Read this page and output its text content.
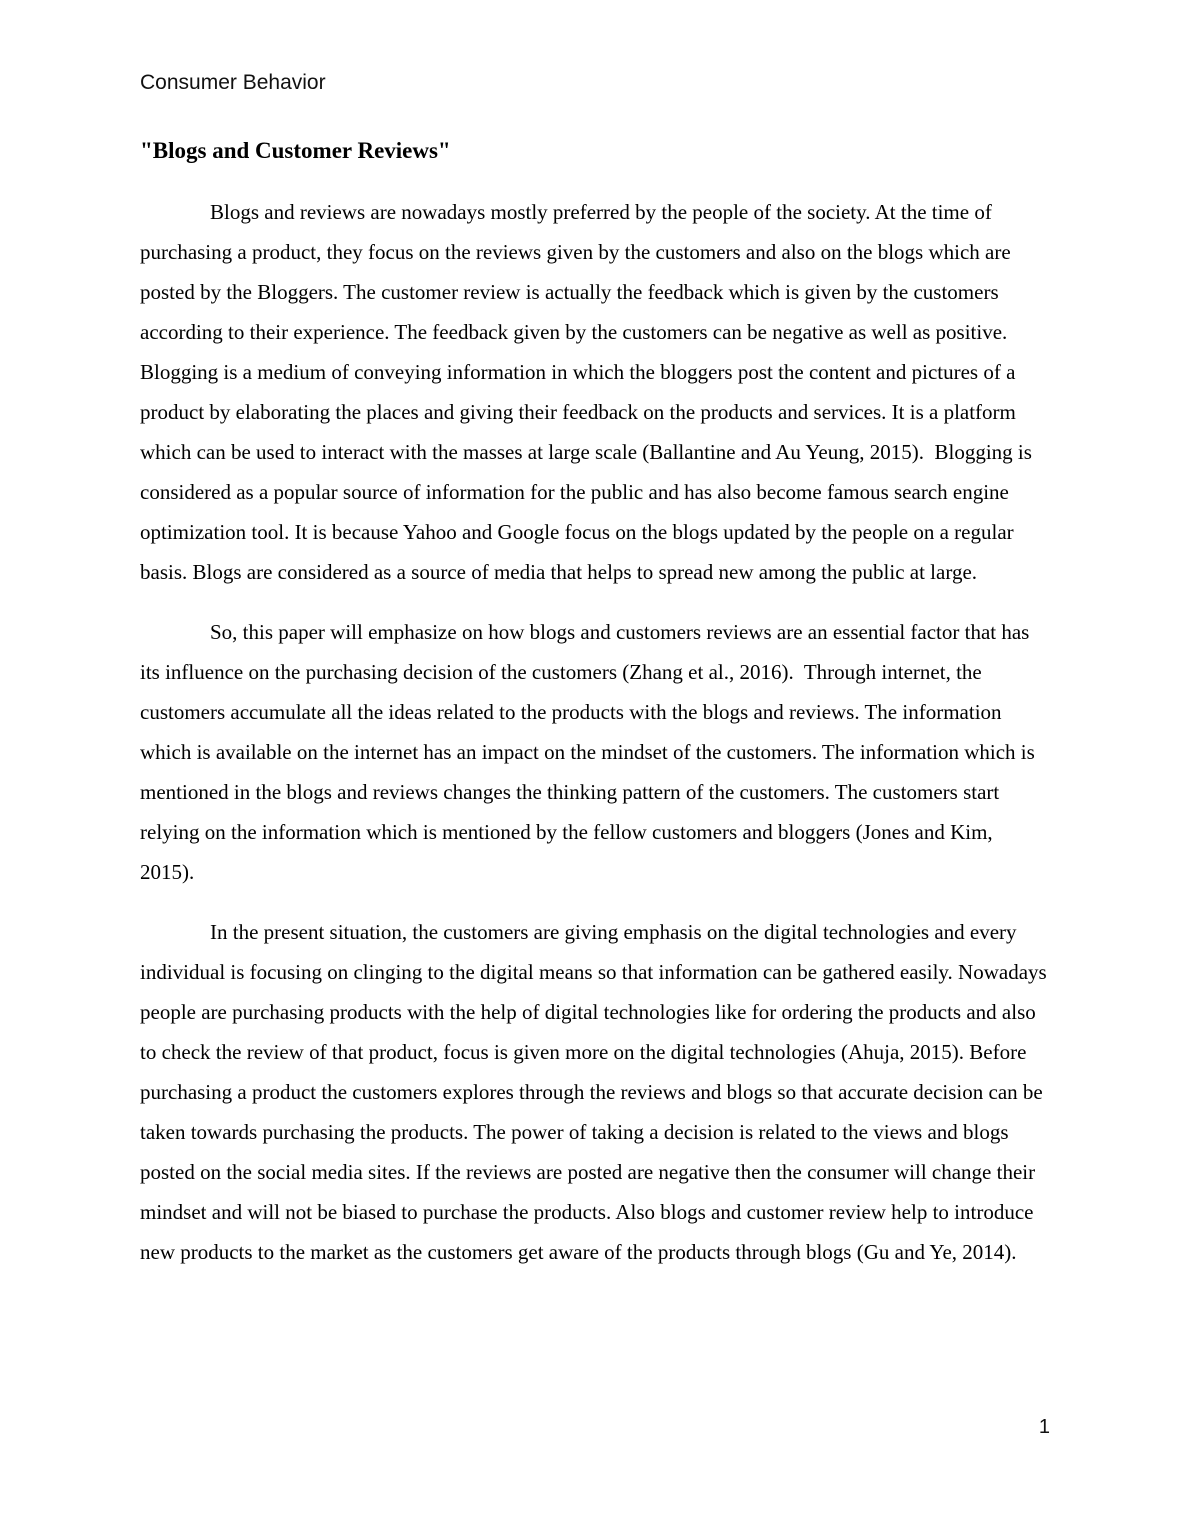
Consumer Behavior
"Blogs and Customer Reviews"

Blogs and reviews are nowadays mostly preferred by the people of the society. At the time of purchasing a product, they focus on the reviews given by the customers and also on the blogs which are posted by the Bloggers. The customer review is actually the feedback which is given by the customers according to their experience. The feedback given by the customers can be negative as well as positive. Blogging is a medium of conveying information in which the bloggers post the content and pictures of a product by elaborating the places and giving their feedback on the products and services. It is a platform which can be used to interact with the masses at large scale (Ballantine and Au Yeung, 2015).  Blogging is considered as a popular source of information for the public and has also become famous search engine optimization tool. It is because Yahoo and Google focus on the blogs updated by the people on a regular basis. Blogs are considered as a source of media that helps to spread new among the public at large.

So, this paper will emphasize on how blogs and customers reviews are an essential factor that has its influence on the purchasing decision of the customers (Zhang et al., 2016).  Through internet, the customers accumulate all the ideas related to the products with the blogs and reviews. The information which is available on the internet has an impact on the mindset of the customers. The information which is mentioned in the blogs and reviews changes the thinking pattern of the customers. The customers start relying on the information which is mentioned by the fellow customers and bloggers (Jones and Kim, 2015).

In the present situation, the customers are giving emphasis on the digital technologies and every individual is focusing on clinging to the digital means so that information can be gathered easily. Nowadays people are purchasing products with the help of digital technologies like for ordering the products and also to check the review of that product, focus is given more on the digital technologies (Ahuja, 2015). Before purchasing a product the customers explores through the reviews and blogs so that accurate decision can be taken towards purchasing the products. The power of taking a decision is related to the views and blogs posted on the social media sites. If the reviews are posted are negative then the consumer will change their mindset and will not be biased to purchase the products. Also blogs and customer review help to introduce new products to the market as the customers get aware of the products through blogs (Gu and Ye, 2014).

1
